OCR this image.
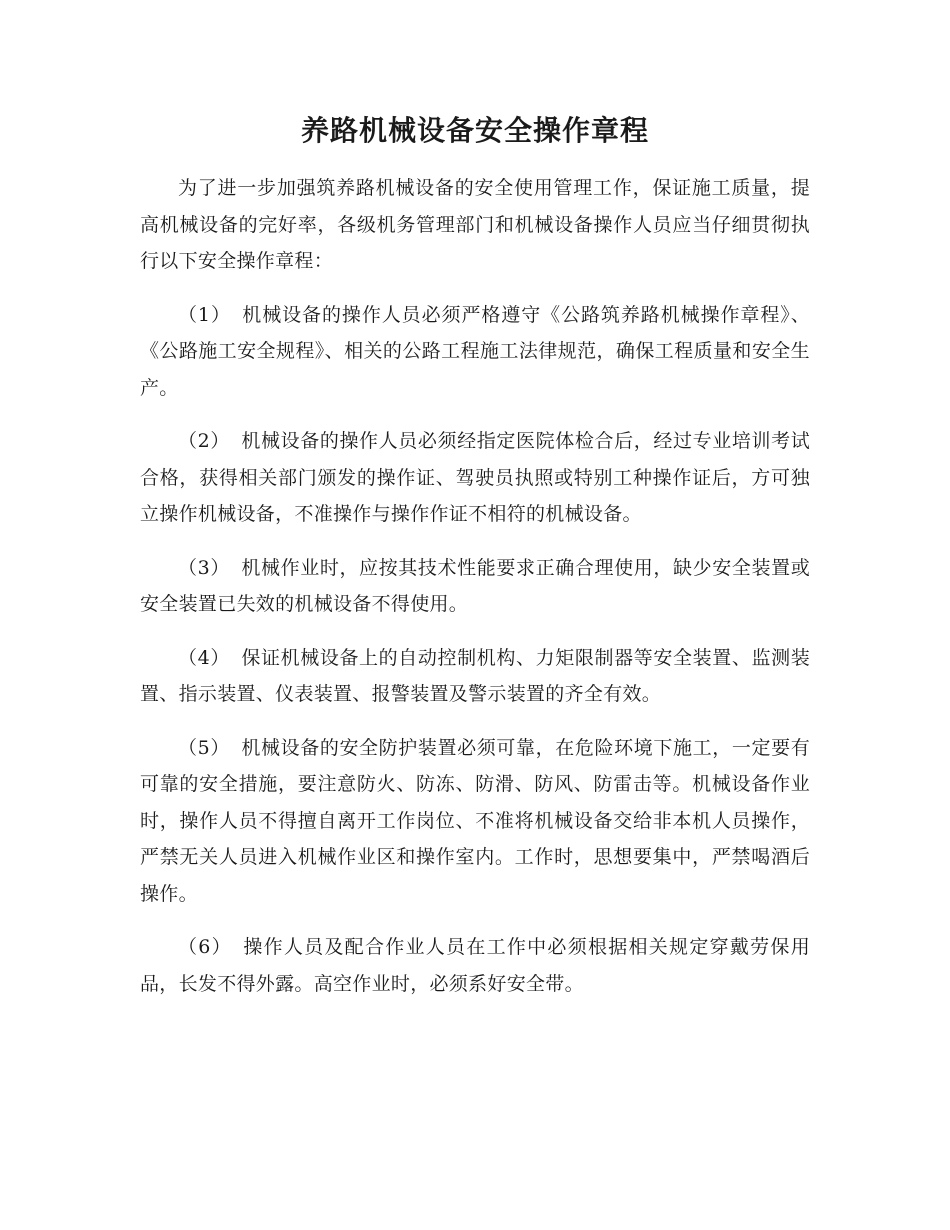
养路机械设备安全操作章程

为了进一步加强筑养路机械设备的安全使用管理工作，保证施工质量，提高机械设备的完好率，各级机务管理部门和机械设备操作人员应当仔细贯彻执行以下安全操作章程：

（1） 机械设备的操作人员必须严格遵守《公路筑养路机械操作章程》、《公路施工安全规程》、相关的公路工程施工法律规范，确保工程质量和安全生产。

（2） 机械设备的操作人员必须经指定医院体检合后，经过专业培训考试合格，获得相关部门颁发的操作证、驾驶员执照或特别工种操作证后，方可独立操作机械设备，不准操作与操作作证不相符的机械设备。

（3） 机械作业时，应按其技术性能要求正确合理使用，缺少安全装置或安全装置已失效的机械设备不得使用。

（4） 保证机械设备上的自动控制机构、力矩限制器等安全装置、监测装置、指示装置、仪表装置、报警装置及警示装置的齐全有效。

（5） 机械设备的安全防护装置必须可靠，在危险环境下施工，一定要有可靠的安全措施，要注意防火、防冻、防滑、防风、防雷击等。机械设备作业时，操作人员不得擅自离开工作岗位、不准将机械设备交给非本机人员操作，严禁无关人员进入机械作业区和操作室内。工作时，思想要集中，严禁喝酒后操作。

（6） 操作人员及配合作业人员在工作中必须根据相关规定穿戴劳保用品，长发不得外露。高空作业时，必须系好安全带。
